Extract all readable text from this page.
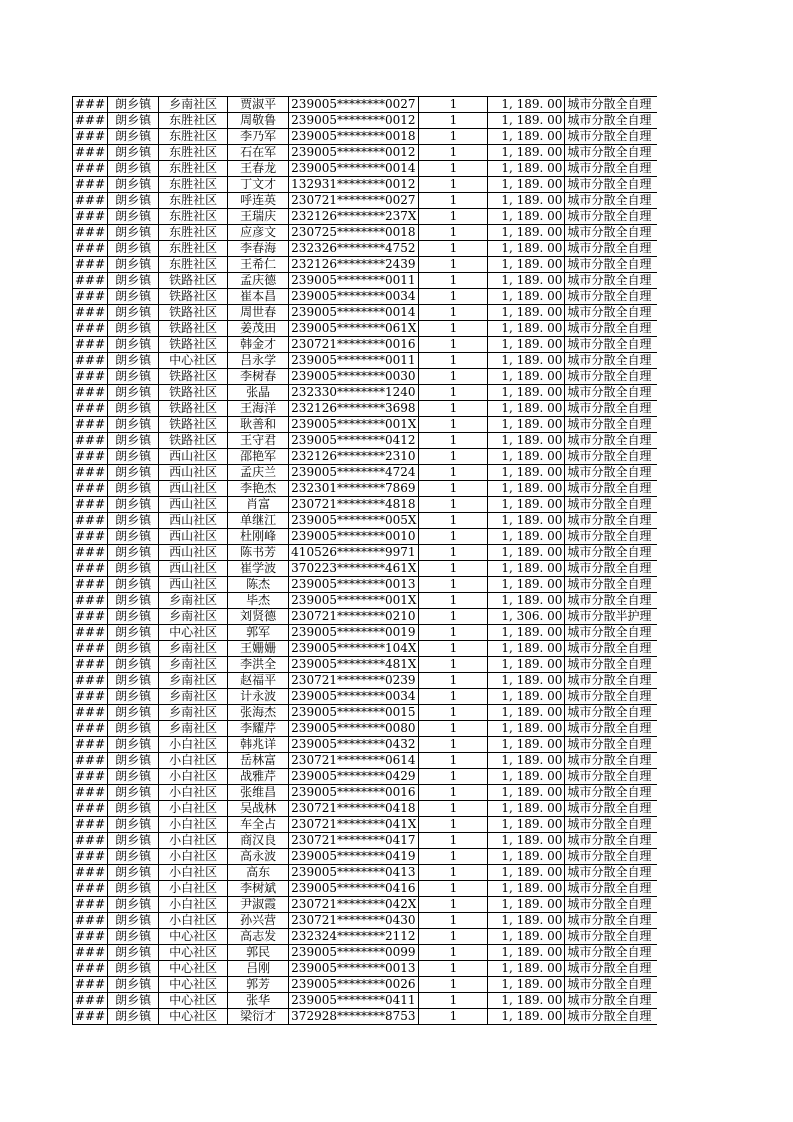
###	朗乡镇	乡南社区	贾淑平	239005********0027	1	1, 189. 00	城市分散全自理
###	朗乡镇	东胜社区	周敬鲁	239005********0012	1	1, 189. 00	城市分散全自理
###	朗乡镇	东胜社区	李乃军	239005********0018	1	1, 189. 00	城市分散全自理
###	朗乡镇	东胜社区	石在军	239005********0012	1	1, 189. 00	城市分散全自理
###	朗乡镇	东胜社区	王春龙	239005********0014	1	1, 189. 00	城市分散全自理
###	朗乡镇	东胜社区	丁文才	132931********0012	1	1, 189. 00	城市分散全自理
###	朗乡镇	东胜社区	呼连英	230721********0027	1	1, 189. 00	城市分散全自理
###	朗乡镇	东胜社区	王瑞庆	232126********237X	1	1, 189. 00	城市分散全自理
###	朗乡镇	东胜社区	应彦文	230725********0018	1	1, 189. 00	城市分散全自理
###	朗乡镇	东胜社区	李春海	232326********4752	1	1, 189. 00	城市分散全自理
###	朗乡镇	东胜社区	王希仁	232126********2439	1	1, 189. 00	城市分散全自理
###	朗乡镇	铁路社区	孟庆德	239005********0011	1	1, 189. 00	城市分散全自理
###	朗乡镇	铁路社区	崔本昌	239005********0034	1	1, 189. 00	城市分散全自理
###	朗乡镇	铁路社区	周世春	239005********0014	1	1, 189. 00	城市分散全自理
###	朗乡镇	铁路社区	姜茂田	239005********061X	1	1, 189. 00	城市分散全自理
###	朗乡镇	铁路社区	韩金才	230721********0016	1	1, 189. 00	城市分散全自理
###	朗乡镇	中心社区	吕永学	239005********0011	1	1, 189. 00	城市分散全自理
###	朗乡镇	铁路社区	李树春	239005********0030	1	1, 189. 00	城市分散全自理
###	朗乡镇	铁路社区	张晶	232330********1240	1	1, 189. 00	城市分散全自理
###	朗乡镇	铁路社区	王海洋	232126********3698	1	1, 189. 00	城市分散全自理
###	朗乡镇	铁路社区	耿善和	239005********001X	1	1, 189. 00	城市分散全自理
###	朗乡镇	铁路社区	王守君	239005********0412	1	1, 189. 00	城市分散全自理
###	朗乡镇	西山社区	邵艳军	232126********2310	1	1, 189. 00	城市分散全自理
###	朗乡镇	西山社区	孟庆兰	239005********4724	1	1, 189. 00	城市分散全自理
###	朗乡镇	西山社区	李艳杰	232301********7869	1	1, 189. 00	城市分散全自理
###	朗乡镇	西山社区	肖富	230721********4818	1	1, 189. 00	城市分散全自理
###	朗乡镇	西山社区	单继江	239005********005X	1	1, 189. 00	城市分散全自理
###	朗乡镇	西山社区	杜刚峰	239005********0010	1	1, 189. 00	城市分散全自理
###	朗乡镇	西山社区	陈书芳	410526********9971	1	1, 189. 00	城市分散全自理
###	朗乡镇	西山社区	崔学波	370223********461X	1	1, 189. 00	城市分散全自理
###	朗乡镇	西山社区	陈杰	239005********0013	1	1, 189. 00	城市分散全自理
###	朗乡镇	乡南社区	毕杰	239005********001X	1	1, 189. 00	城市分散全自理
###	朗乡镇	乡南社区	刘贤德	230721********0210	1	1, 306. 00	城市分散半护理
###	朗乡镇	中心社区	郭军	239005********0019	1	1, 189. 00	城市分散全自理
###	朗乡镇	乡南社区	王姗姗	239005********104X	1	1, 189. 00	城市分散全自理
###	朗乡镇	乡南社区	李洪全	239005********481X	1	1, 189. 00	城市分散全自理
###	朗乡镇	乡南社区	赵福平	230721********0239	1	1, 189. 00	城市分散全自理
###	朗乡镇	乡南社区	计永波	239005********0034	1	1, 189. 00	城市分散全自理
###	朗乡镇	乡南社区	张海杰	239005********0015	1	1, 189. 00	城市分散全自理
###	朗乡镇	乡南社区	李耀芹	239005********0080	1	1, 189. 00	城市分散全自理
###	朗乡镇	小白社区	韩兆详	239005********0432	1	1, 189. 00	城市分散全自理
###	朗乡镇	小白社区	岳林富	230721********0614	1	1, 189. 00	城市分散全自理
###	朗乡镇	小白社区	战雅芹	239005********0429	1	1, 189. 00	城市分散全自理
###	朗乡镇	小白社区	张维昌	239005********0016	1	1, 189. 00	城市分散全自理
###	朗乡镇	小白社区	吴战林	230721********0418	1	1, 189. 00	城市分散全自理
###	朗乡镇	小白社区	车全占	230721********041X	1	1, 189. 00	城市分散全自理
###	朗乡镇	小白社区	商汉良	230721********0417	1	1, 189. 00	城市分散全自理
###	朗乡镇	小白社区	高永波	239005********0419	1	1, 189. 00	城市分散全自理
###	朗乡镇	小白社区	高东	239005********0413	1	1, 189. 00	城市分散全自理
###	朗乡镇	小白社区	李树斌	239005********0416	1	1, 189. 00	城市分散全自理
###	朗乡镇	小白社区	尹淑霞	230721********042X	1	1, 189. 00	城市分散全自理
###	朗乡镇	小白社区	孙兴营	230721********0430	1	1, 189. 00	城市分散全自理
###	朗乡镇	中心社区	高志发	232324********2112	1	1, 189. 00	城市分散全自理
###	朗乡镇	中心社区	郭民	239005********0099	1	1, 189. 00	城市分散全自理
###	朗乡镇	中心社区	吕刚	239005********0013	1	1, 189. 00	城市分散全自理
###	朗乡镇	中心社区	郭芳	239005********0026	1	1, 189. 00	城市分散全自理
###	朗乡镇	中心社区	张华	239005********0411	1	1, 189. 00	城市分散全自理
###	朗乡镇	中心社区	梁衍才	372928********8753	1	1, 189. 00	城市分散全自理
